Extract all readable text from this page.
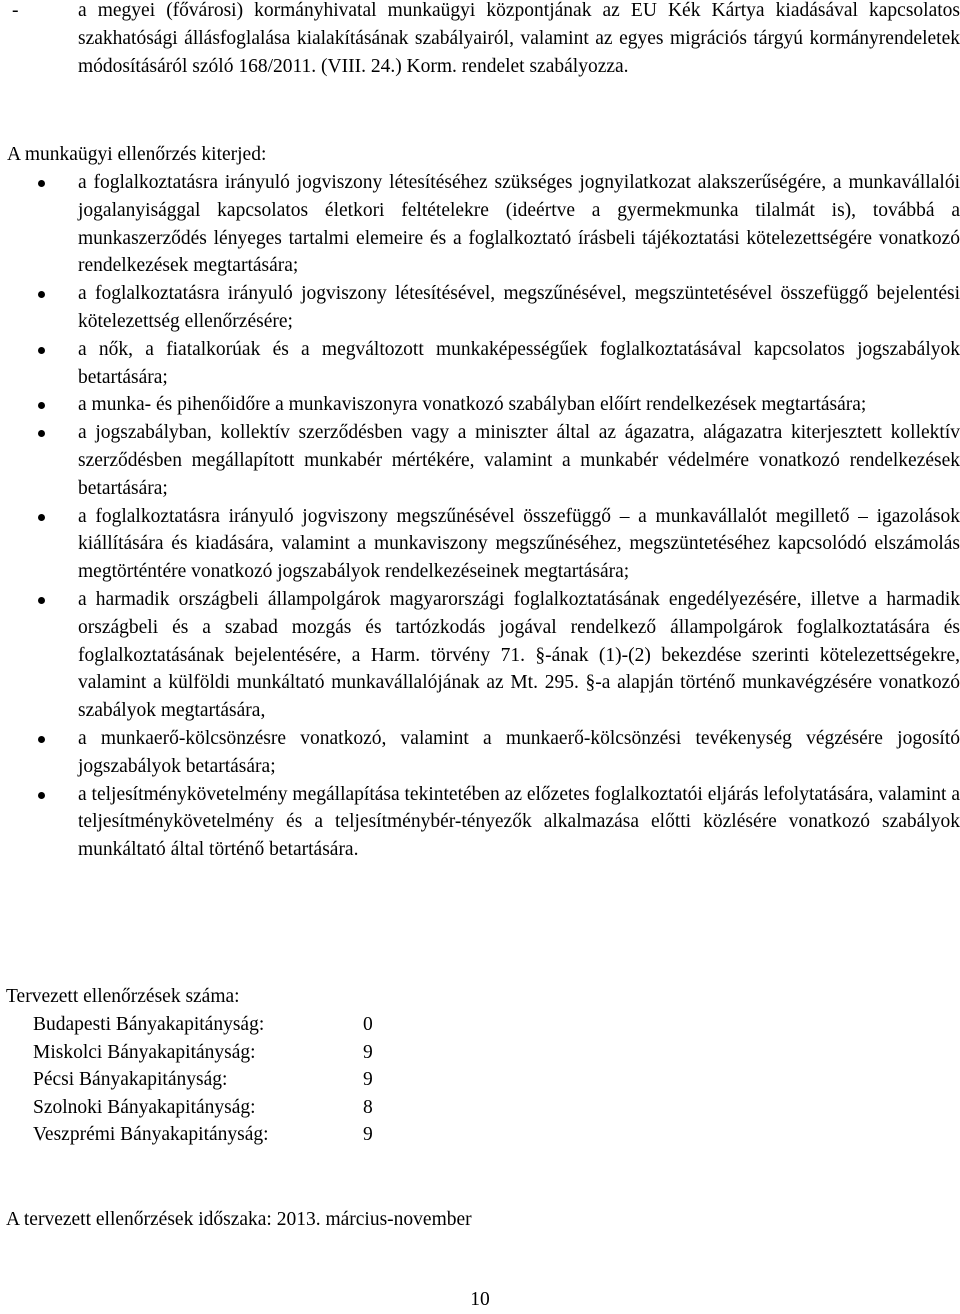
-	a megyei (fővárosi) kormányhivatal munkaügyi központjának az EU Kék Kártya kiadásával kapcsolatos szakhatósági állásfoglalása kialakításának szabályairól, valamint az egyes migrációs tárgyú kormányrendeletek módosításáról szóló 168/2011. (VIII. 24.) Korm. rendelet szabályozza.
A munkaügyi ellenőrzés kiterjed:
a foglalkoztatásra irányuló jogviszony létesítéséhez szükséges jognyilatkozat alakszerűségére, a munkavállalói jogalanyisággal kapcsolatos életkori feltételekre (ideértve a gyermekmunka tilalmát is), továbbá a munkaszerződés lényeges tartalmi elemeire és a foglalkoztató írásbeli tájékoztatási kötelezettségére vonatkozó rendelkezések megtartására;
a foglalkoztatásra irányuló jogviszony létesítésével, megszűnésével, megszüntetésével összefüggő bejelentési kötelezettség ellenőrzésére;
a nők, a fiatalkorúak és a megváltozott munkaképességűek foglalkoztatásával kapcsolatos jogszabályok betartására;
a munka- és pihenőidőre a munkaviszonyra vonatkozó szabályban előírt rendelkezések megtartására;
a jogszabályban, kollektív szerződésben vagy a miniszter által az ágazatra, alágazatra kiterjesztett kollektív szerződésben megállapított munkabér mértékére, valamint a munkabér védelmére vonatkozó rendelkezések betartására;
a foglalkoztatásra irányuló jogviszony megszűnésével összefüggő – a munkavállalót megillető – igazolások kiállítására és kiadására, valamint a munkaviszony megszűnéséhez, megszüntetéséhez kapcsolódó elszámolás megtörténtére vonatkozó jogszabályok rendelkezéseinek megtartására;
a harmadik országbeli állampolgárok magyarországi foglalkoztatásának engedélyezésére, illetve a harmadik országbeli és a szabad mozgás és tartózkodás jogával rendelkező állampolgárok foglalkoztatására és foglalkoztatásának bejelentésére, a Harm. törvény 71. §-ának (1)-(2) bekezdése szerinti kötelezettségekre, valamint a külföldi munkáltató munkavállalójának az Mt. 295. §-a alapján történő munkavégzésére vonatkozó szabályok megtartására,
a munkaerő-kölcsönzésre vonatkozó, valamint a munkaerő-kölcsönzési tevékenység végzésére jogosító jogszabályok betartására;
a teljesítménykövetelmény megállapítása tekintetében az előzetes foglalkoztatói eljárás lefolytatására, valamint a teljesítménykövetelmény és a teljesítménybér-tényezők alkalmazása előtti közlésére vonatkozó szabályok munkáltató által történő betartására.
Tervezett ellenőrzések száma:
Budapesti Bányakapitányság:	0
Miskolci Bányakapitányság:	9
Pécsi Bányakapitányság:	9
Szolnoki Bányakapitányság:	8
Veszprémi Bányakapitányság:	9
A tervezett ellenőrzések időszaka: 2013. március-november
10
